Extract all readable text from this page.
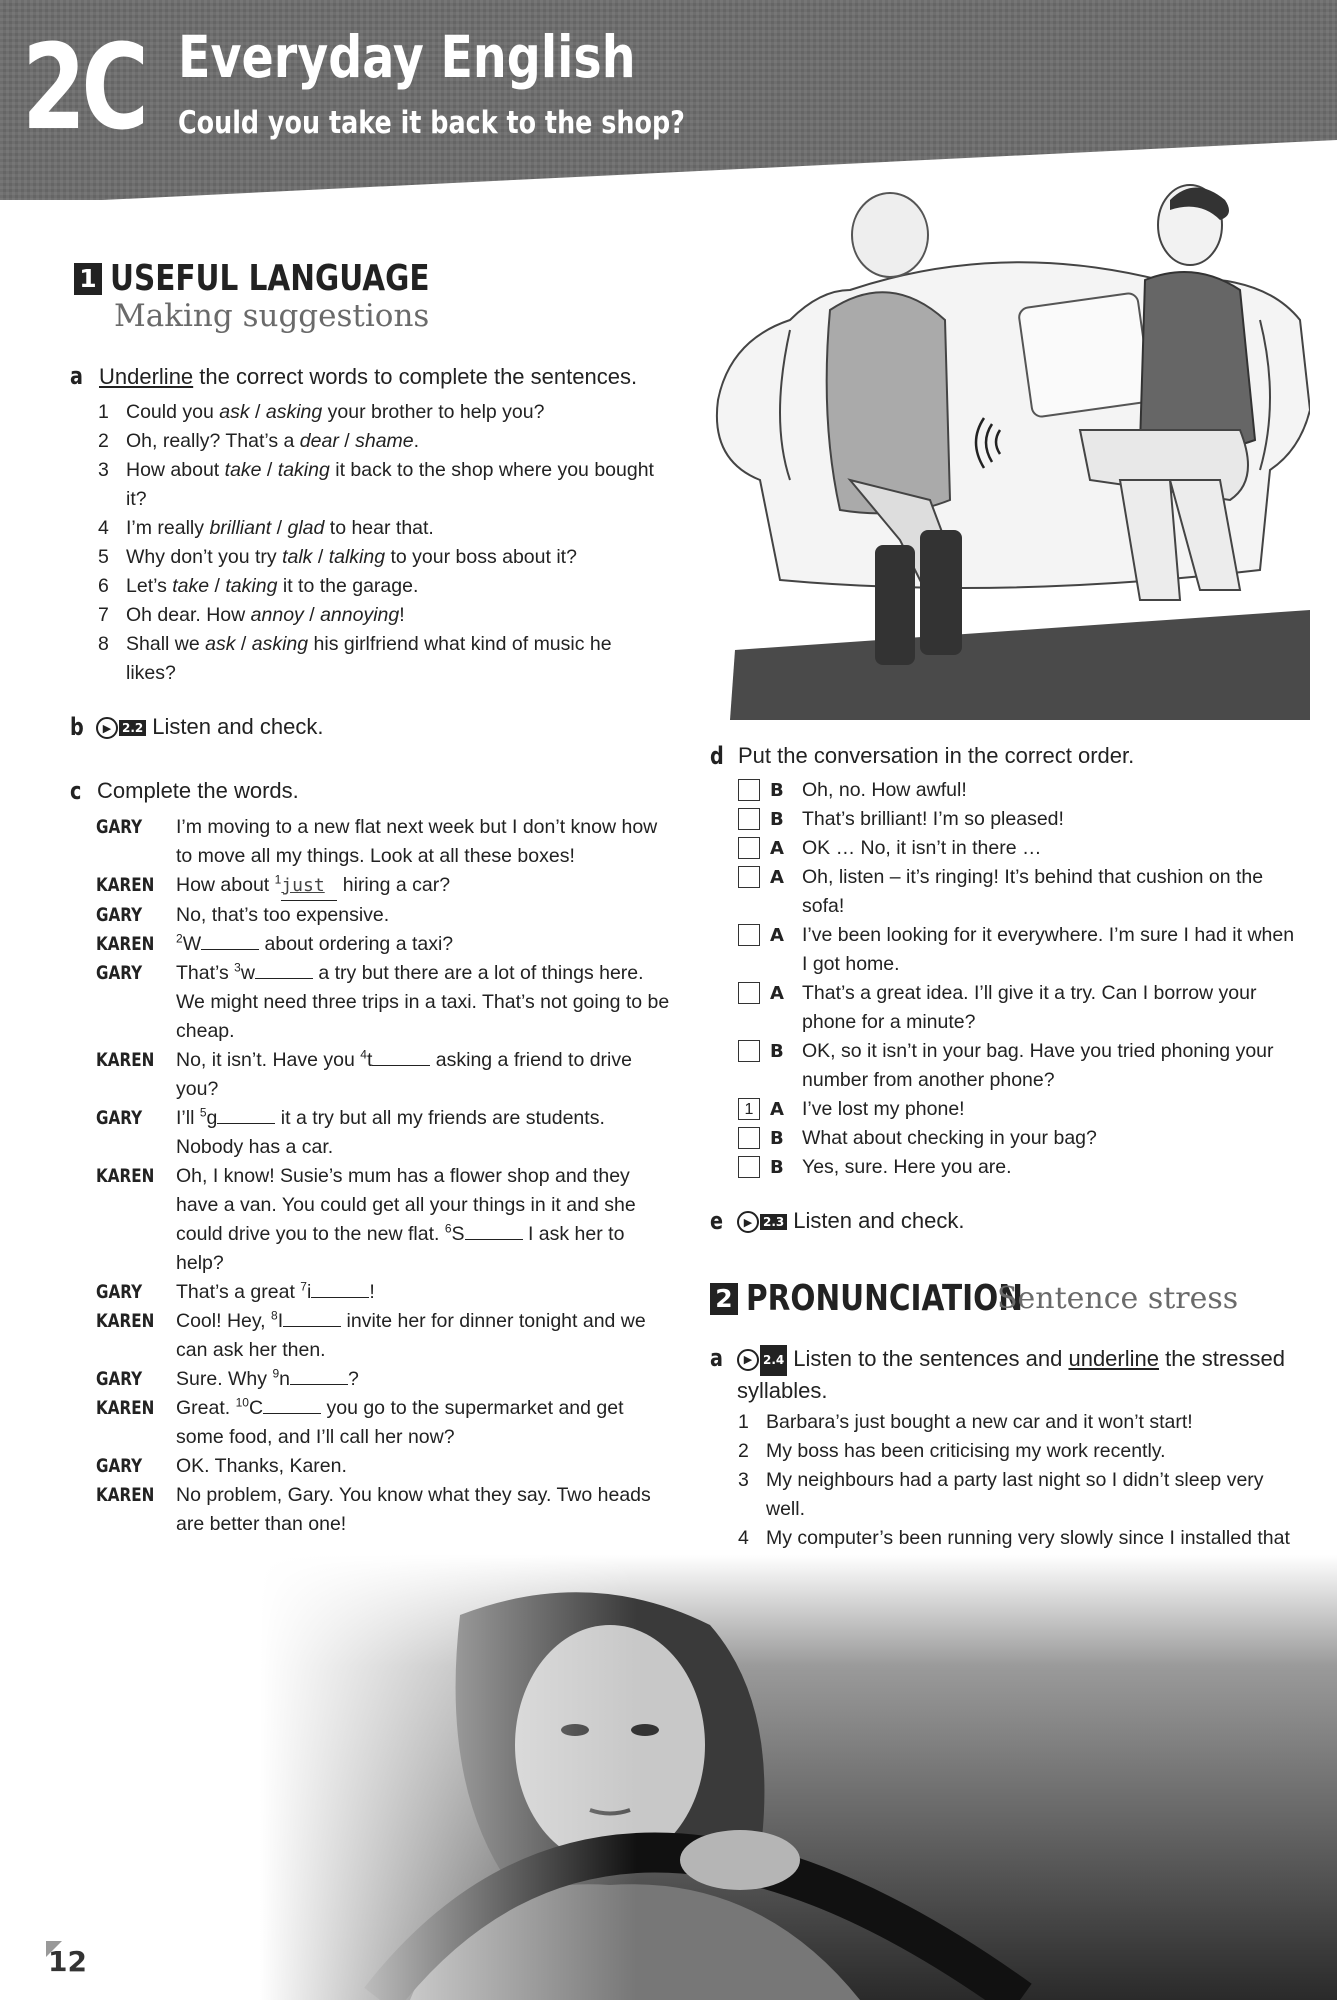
2C Everyday English
Could you take it back to the shop?
1 USEFUL LANGUAGE
Making suggestions
a Underline the correct words to complete the sentences.
1 Could you ask / asking your brother to help you?
2 Oh, really? That’s a dear / shame.
3 How about take / taking it back to the shop where you bought it?
4 I’m really brilliant / glad to hear that.
5 Why don’t you try talk / talking to your boss about it?
6 Let’s take / taking it to the garage.
7 Oh dear. How annoy / annoying!
8 Shall we ask / asking his girlfriend what kind of music he likes?
b	▶ 2.2 Listen and check.
c Complete the words.
GARY	I’m moving to a new flat next week but I don’t know how to move all my things. Look at all these boxes!
KAREN How about $^1$just hiring a car?
GARY	No, that’s too expensive.
KAREN	$^2$W	about ordering a taxi?
GARY	That’s $^3$w	a try but there are a lot of things here. We might need three trips in a taxi. That’s not going to be cheap.
KAREN No, it isn’t. Have you $^4$t	asking a friend to drive you?
GARY	I’ll $^5$g	it a try but all my friends are students. Nobody has a car.
KAREN Oh, I know! Susie’s mum has a flower shop and they have a van. You could get all your things in it and she could drive you to the new flat. $^6$S	I ask her to help?
GARY	That’s a great $^7$i	!
KAREN Cool! Hey, $^8$I	invite her for dinner tonight and we can ask her then.
GARY	Sure. Why $^9$n	?
KAREN Great. $^{10}$C	you go to the supermarket and get some food, and I’ll call her now?
GARY	OK. Thanks, Karen.
KAREN No problem, Gary. You know what they say. Two heads are better than one!
d Put the conversation in the correct order.
B Oh, no. How awful!
B That’s brilliant! I’m so pleased!
A OK … No, it isn’t in there …
A Oh, listen – it’s ringing! It’s behind that cushion on the sofa!
A I’ve been looking for it everywhere. I’m sure I had it when I got home.
A That’s a great idea. I’ll give it a try. Can I borrow your phone for a minute?
B OK, so it isn’t in your bag. Have you tried phoning your number from another phone?
1 A I’ve lost my phone!
B What about checking in your bag?
B Yes, sure. Here you are.
e	▶ 2.3 Listen and check.
2 PRONUNCIATION
Sentence stress
a	▶ 2.4 Listen to the sentences and underline the stressed syllables.
1 Barbara’s just bought a new car and it won’t start!
2 My boss has been criticising my work recently.
3 My neighbours had a party last night so I didn’t sleep very well.
4 My computer’s been running very slowly since I installed that
12
